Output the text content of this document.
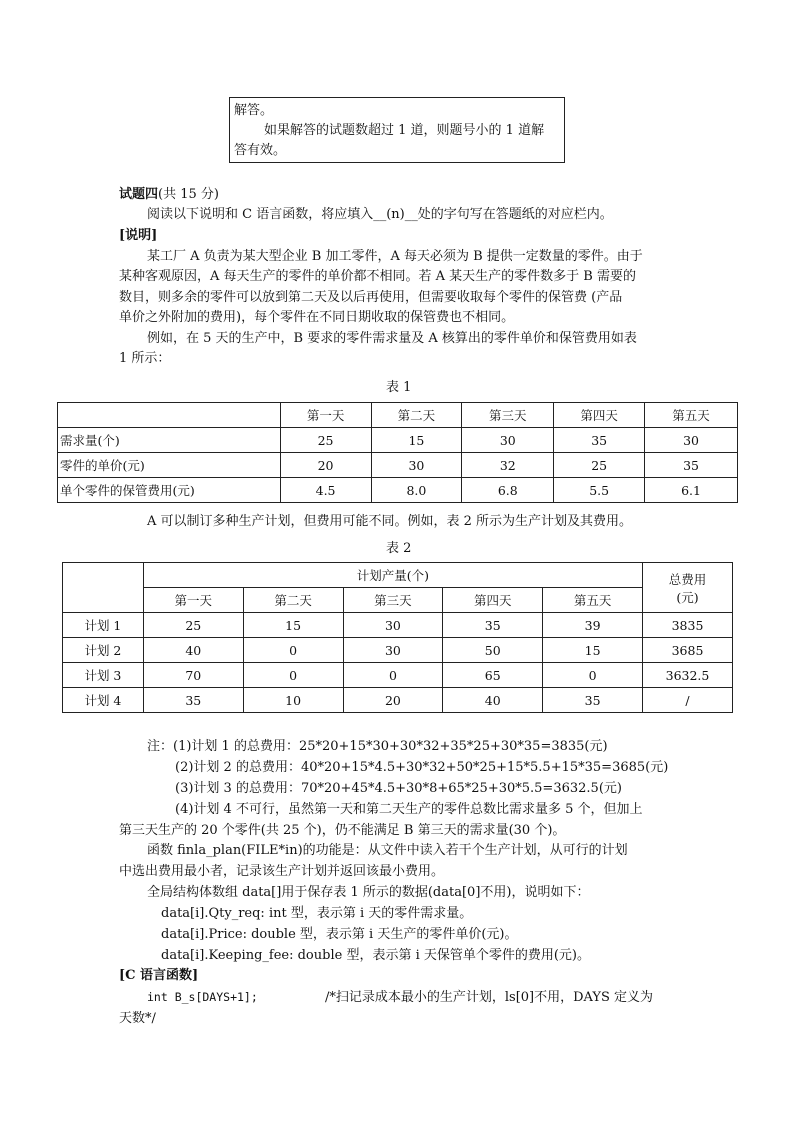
解答。
如果解答的试题数超过 1 道，则题号小的 1 道解
答有效。
试题四(共 15 分)
阅读以下说明和 C 语言函数，将应填入__(n)__处的字句写在答题纸的对应栏内。
[说明]
某工厂 A 负责为某大型企业 B 加工零件，A 每天必须为 B 提供一定数量的零件。由于
某种客观原因，A 每天生产的零件的单价都不相同。若 A 某天生产的零件数多于 B 需要的
数目，则多余的零件可以放到第二天及以后再使用，但需要收取每个零件的保管费 (产品
单价之外附加的费用)，每个零件在不同日期收取的保管费也不相同。
例如，在 5 天的生产中，B 要求的零件需求量及 A 核算出的零件单价和保管费用如表
1 所示：
表 1
	第一天	第二天	第三天	第四天	第五天
需求量(个)	25	15	30	35	30
零件的单价(元)	20	30	32	25	35
单个零件的保管费用(元)	4.5	8.0	6.8	5.5	6.1
A 可以制订多种生产计划，但费用可能不同。例如，表 2 所示为生产计划及其费用。
表 2
	计划产量(个)					总费用
(元)

	第一天	第二天	第三天	第四天	第五天	
计划 1	25	15	30	35	39	3835
计划 2	40	0	30	50	15	3685
计划 3	70	0	0	65	0	3632.5
计划 4	35	10	20	40	35	/
注：(1)计划 1 的总费用：25*20+15*30+30*32+35*25+30*35=3835(元)
(2)计划 2 的总费用：40*20+15*4.5+30*32+50*25+15*5.5+15*35=3685(元)
(3)计划 3 的总费用：70*20+45*4.5+30*8+65*25+30*5.5=3632.5(元)
(4)计划 4 不可行，虽然第一天和第二天生产的零件总数比需求量多 5 个，但加上
第三天生产的 20 个零件(共 25 个)，仍不能满足 B 第三天的需求量(30 个)。
函数 finla_plan(FILE*in)的功能是：从文件中读入若干个生产计划，从可行的计划
中选出费用最小者，记录该生产计划并返回该最小费用。
全局结构体数组 data[]用于保存表 1 所示的数据(data[0]不用)，说明如下：
data[i].Qty_req: int 型，表示第 i 天的零件需求量。
data[i].Price: double 型，表示第 i 天生产的零件单价(元)。
data[i].Keeping_fee: double 型，表示第 i 天保管单个零件的费用(元)。
[C 语言函数]
int B_s[DAYS+1];	/*扫记录成本最小的生产计划，ls[0]不用，DAYS 定义为
天数*/
